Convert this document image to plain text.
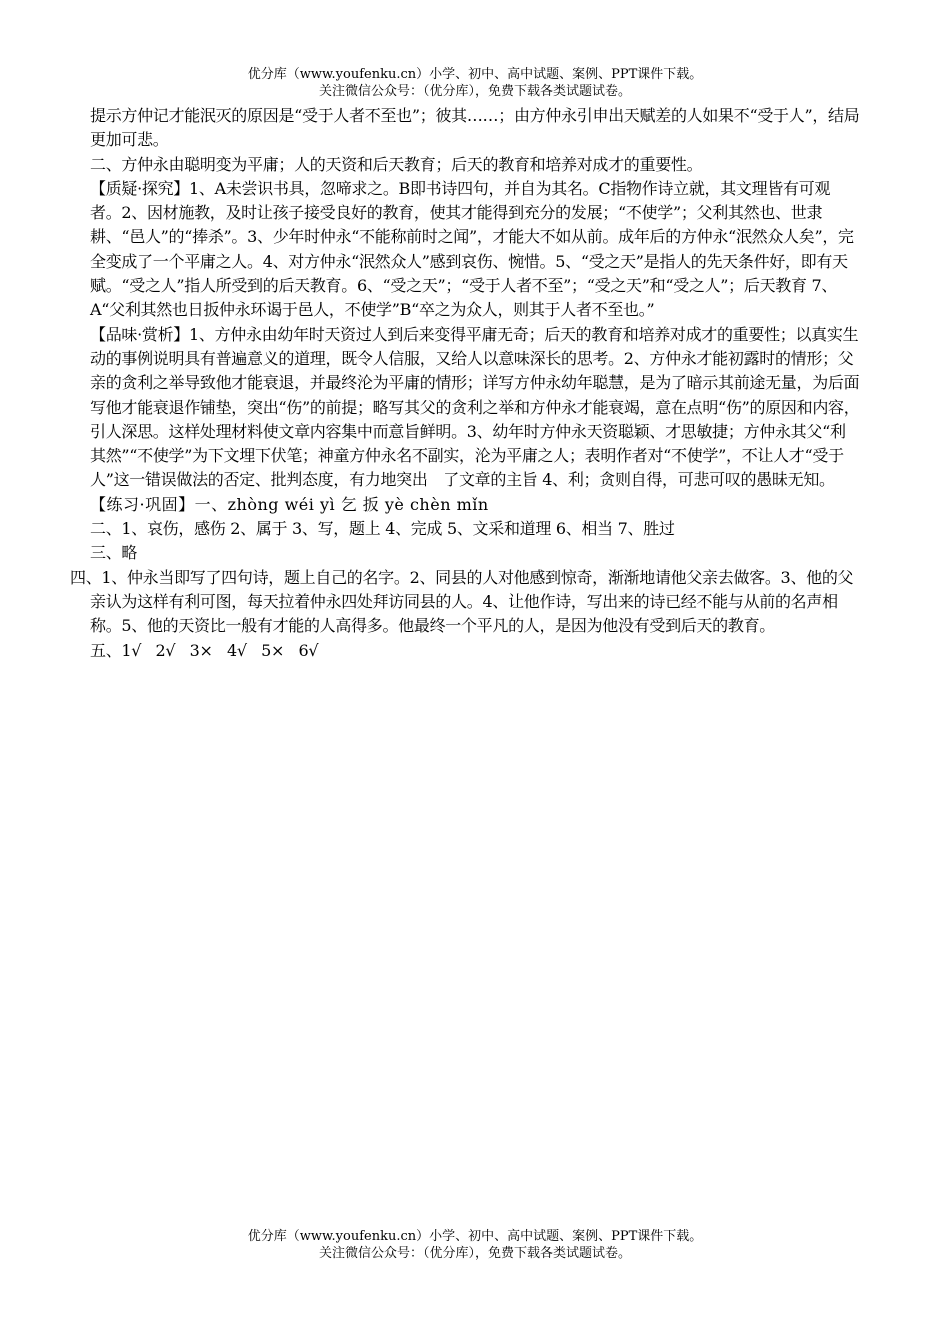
优分库（www.youfenku.cn）小学、初中、高中试题、案例、PPT课件下载。
关注微信公众号：（优分库），免费下载各类试题试卷。

提示方仲记才能泯灭的原因是“受于人者不至也”；彼其……；由方仲永引申出天赋差的人如果不“受于人”，结局更加可悲。

二、方仲永由聪明变为平庸；人的天资和后天教育；后天的教育和培养对成才的重要性。

【质疑·探究】1、A未尝识书具，忽啼求之。B即书诗四句，并自为其名。C指物作诗立就，其文理皆有可观者。2、因材施教，及时让孩子接受良好的教育，使其才能得到充分的发展；“不使学”；父利其然也、世隶耕、“邑人”的“捧杀”。3、少年时仲永“不能称前时之闻”，才能大不如从前。成年后的方仲永“泯然众人矣”，完全变成了一个平庸之人。4、对方仲永“泯然众人”感到哀伤、惋惜。5、“受之天”是指人的先天条件好，即有天赋。“受之人”指人所受到的后天教育。6、“受之天”；“受于人者不至”；“受之天”和“受之人”；后天教育 7、A“父利其然也日扳仲永环谒于邑人，不使学”B“卒之为众人，则其于人者不至也。”

【品味·赏析】1、方仲永由幼年时天资过人到后来变得平庸无奇；后天的教育和培养对成才的重要性；以真实生动的事例说明具有普遍意义的道理，既令人信服，又给人以意味深长的思考。2、方仲永才能初露时的情形；父亲的贪利之举导致他才能衰退，并最终沦为平庸的情形；详写方仲永幼年聪慧，是为了暗示其前途无量，为后面写他才能衰退作铺垫，突出“伤”的前提；略写其父的贪利之举和方仲永才能衰竭，意在点明“伤”的原因和内容，引人深思。这样处理材料使文章内容集中而意旨鲜明。3、幼年时方仲永天资聪颖、才思敏捷；方仲永其父“利其然”“不使学”为下文埋下伏笔；神童方仲永名不副实，沦为平庸之人；表明作者对“不使学”，不让人才“受于人”这一错误做法的否定、批判态度，有力地突出　了文章的主旨 4、利；贪则自得，可悲可叹的愚昧无知。

【练习·巩固】一、zhòng wéi yì 乞 扳 yè chèn mǐn

二、1、哀伤，感伤 2、属于 3、写，题上 4、完成 5、文采和道理 6、相当 7、胜过

三、略

四、1、仲永当即写了四句诗，题上自己的名字。2、同县的人对他感到惊奇，渐渐地请他父亲去做客。3、他的父亲认为这样有利可图，每天拉着仲永四处拜访同县的人。4、让他作诗，写出来的诗已经不能与从前的名声相称。5、他的天资比一般有才能的人高得多。他最终一个平凡的人，是因为他没有受到后天的教育。

五、1√   2√   3×   4√   5×   6√

优分库（www.youfenku.cn）小学、初中、高中试题、案例、PPT课件下载。
关注微信公众号：（优分库），免费下载各类试题试卷。
